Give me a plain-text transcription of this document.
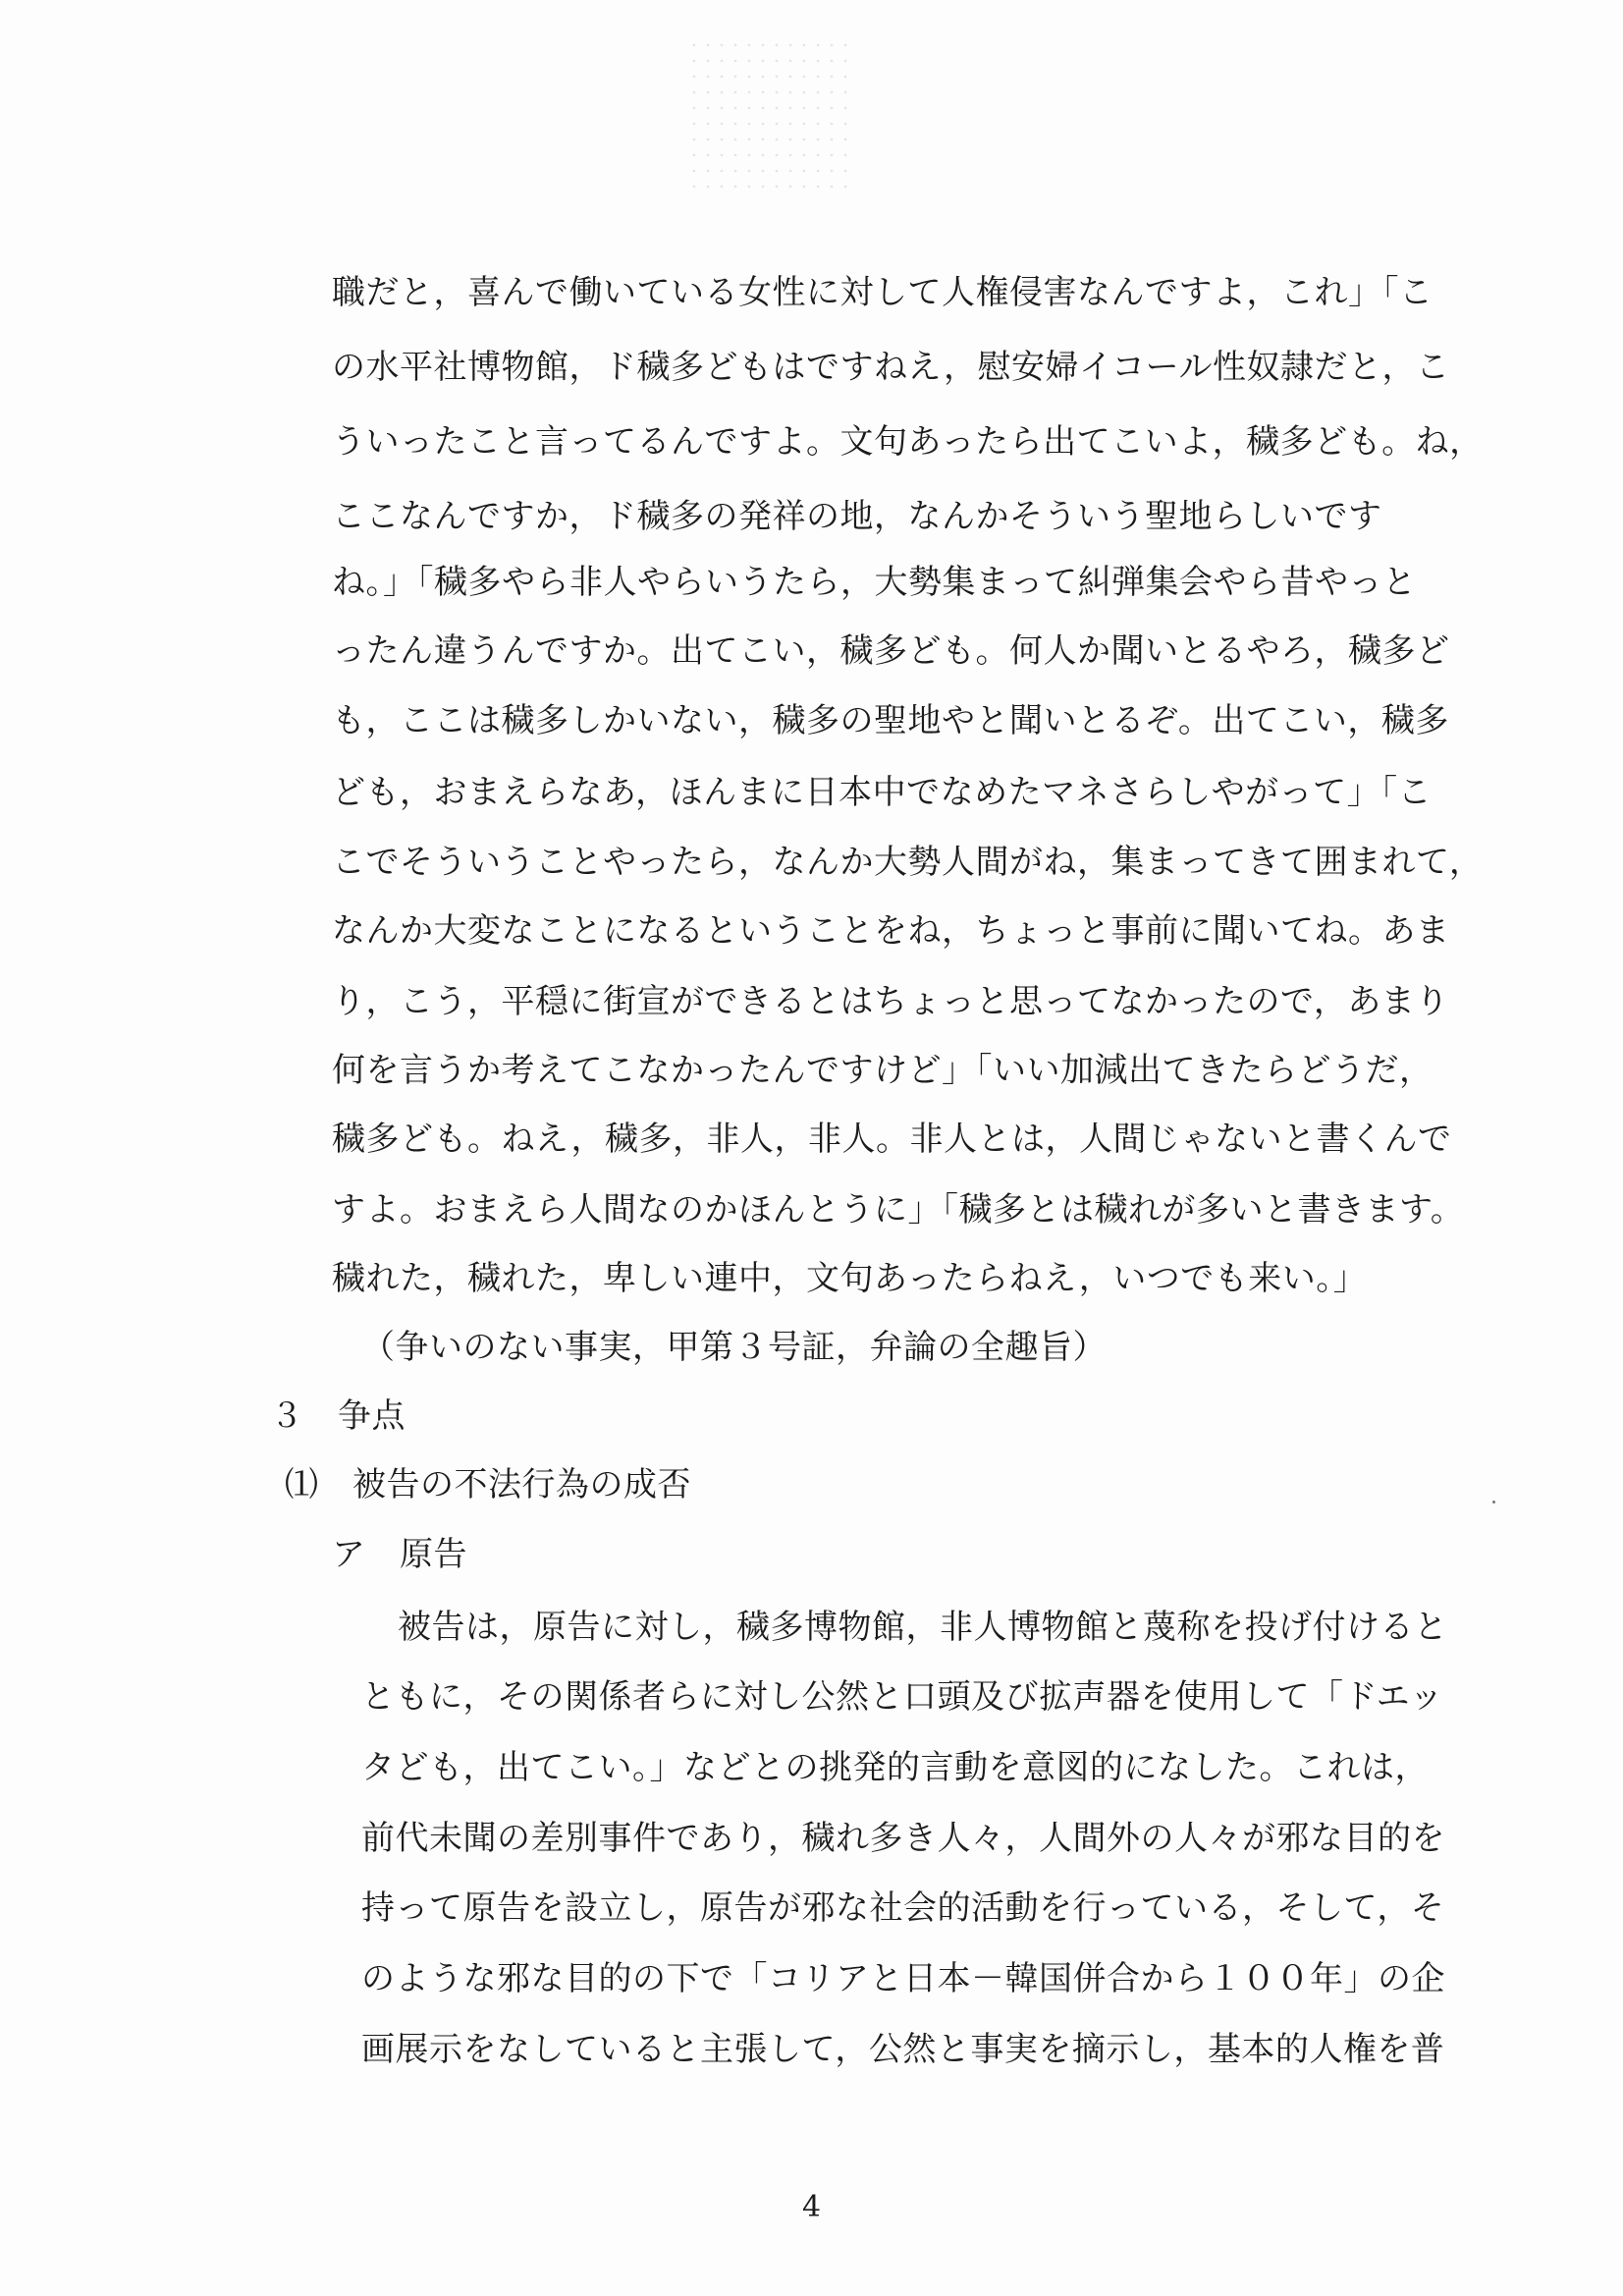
職だと，喜んで働いている女性に対して人権侵害なんですよ，これ」「こ
の水平社博物館，ド穢多どもはですねえ，慰安婦イコール性奴隷だと，こ
ういったこと言ってるんですよ。文句あったら出てこいよ，穢多ども。ね，
ここなんですか，ド穢多の発祥の地，なんかそういう聖地らしいです
ね。」「穢多やら非人やらいうたら，大勢集まって糾弾集会やら昔やっと
ったん違うんですか。出てこい，穢多ども。何人か聞いとるやろ，穢多ど
も，ここは穢多しかいない，穢多の聖地やと聞いとるぞ。出てこい，穢多
ども，おまえらなあ，ほんまに日本中でなめたマネさらしやがって」「こ
こでそういうことやったら，なんか大勢人間がね，集まってきて囲まれて，
なんか大変なことになるということをね，ちょっと事前に聞いてね。あま
り，こう，平穏に街宣ができるとはちょっと思ってなかったので，あまり
何を言うか考えてこなかったんですけど」「いい加減出てきたらどうだ，
穢多ども。ねえ，穢多，非人，非人。非人とは，人間じゃないと書くんで
すよ。おまえら人間なのかほんとうに」「穢多とは穢れが多いと書きます。
穢れた，穢れた，卑しい連中，文句あったらねえ，いつでも来い。」
（争いのない事実，甲第３号証，弁論の全趣旨）
３　争点
⑴　被告の不法行為の成否
ア　原告
被告は，原告に対し，穢多博物館，非人博物館と蔑称を投げ付けると
ともに，その関係者らに対し公然と口頭及び拡声器を使用して「ドエッ
タども，出てこい。」などとの挑発的言動を意図的になした。これは，
前代未聞の差別事件であり，穢れ多き人々，人間外の人々が邪な目的を
持って原告を設立し，原告が邪な社会的活動を行っている，そして，そ
のような邪な目的の下で「コリアと日本－韓国併合から１００年」の企
画展示をなしていると主張して，公然と事実を摘示し，基本的人権を普
4
